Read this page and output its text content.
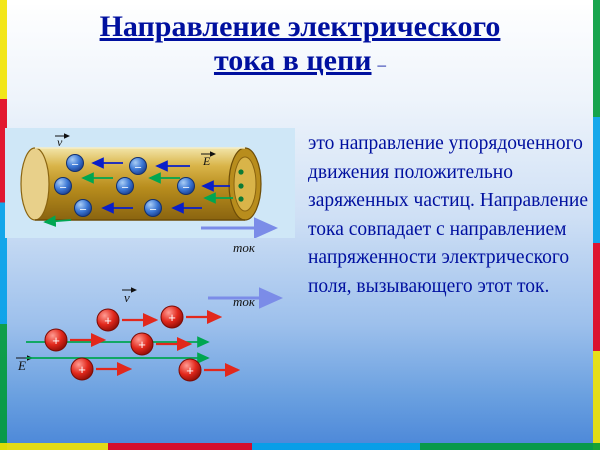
Направление электрического
тока в цепи –
это направление упорядоченного движения положительно заряженных частиц. Направление тока совпадает с направлением напряженности электрического поля, вызывающего этот ток.
E
v
–	–
–	–	–
–	–
ток
v
E
+	+
+	+
+	+
ток
